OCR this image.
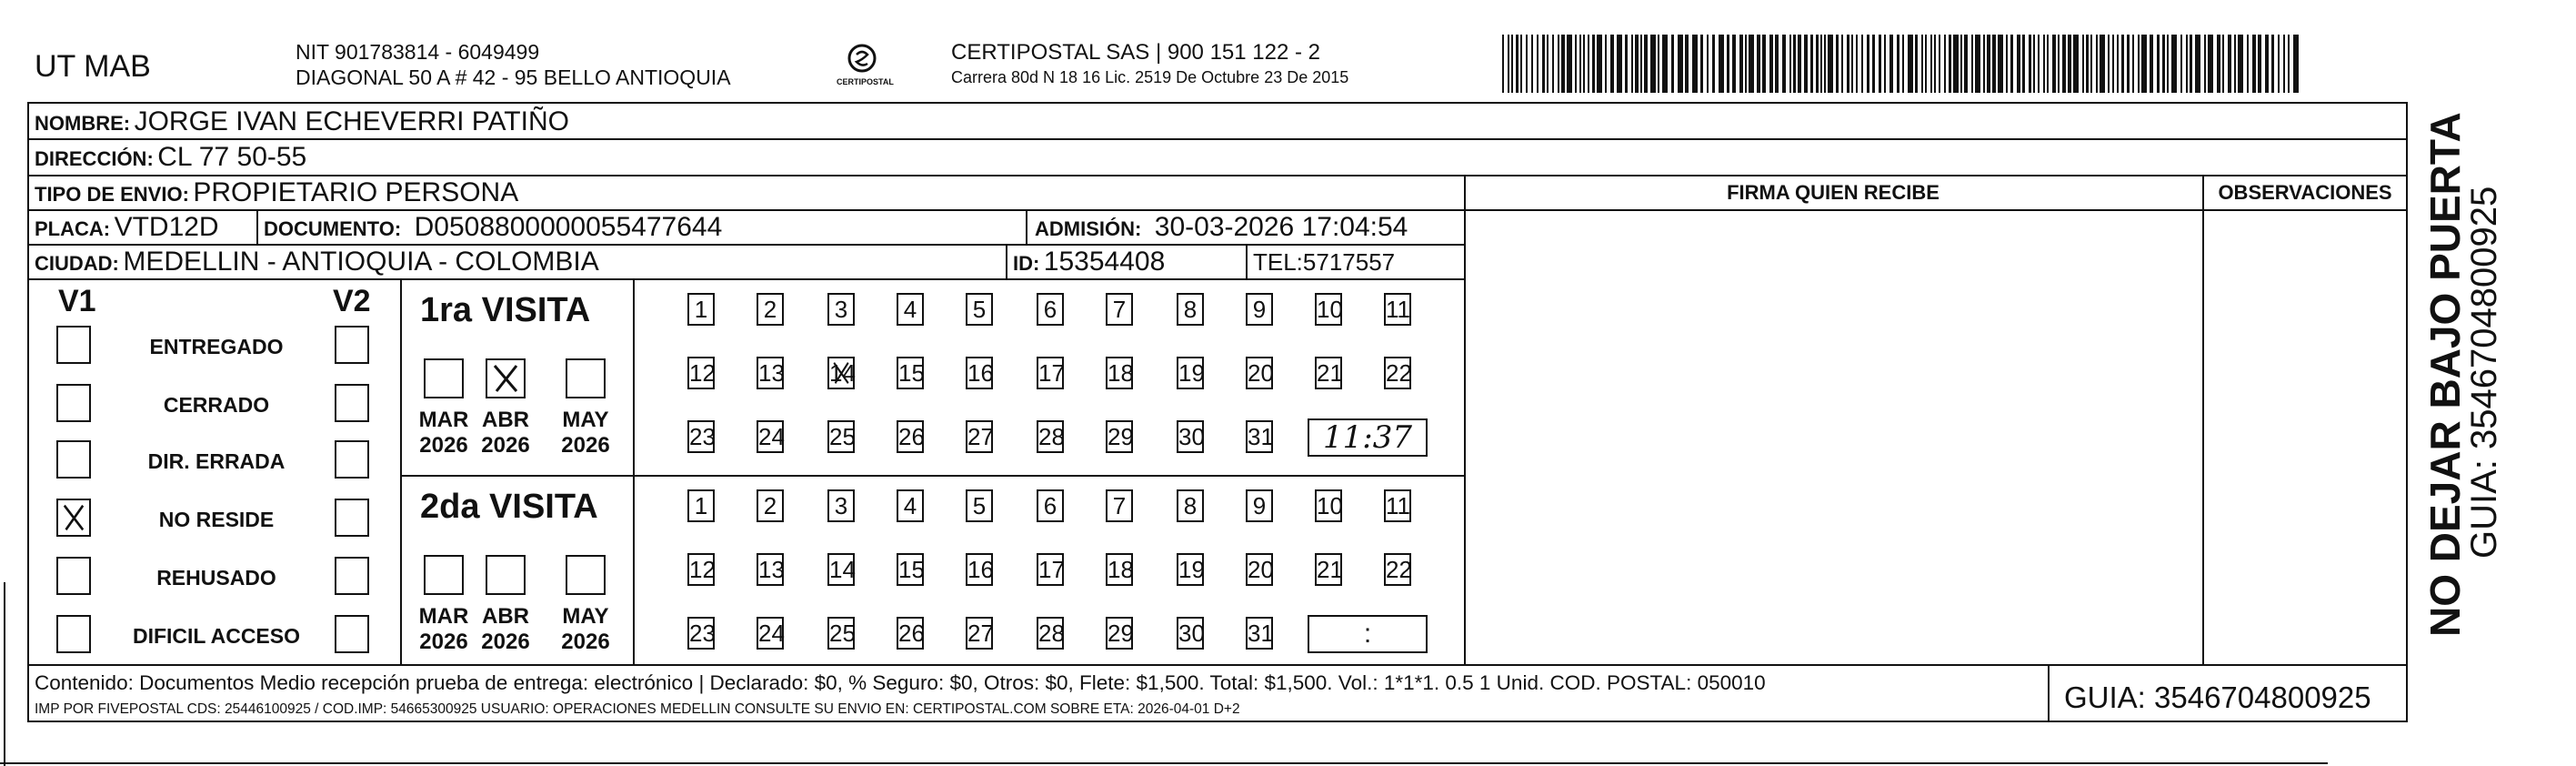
UT MAB	NIT 901783814 - 6049499
DIAGONAL 50 A # 42 - 95 BELLO ANTIOQUIA	CERTIPOSTAL
CERTIPOSTAL SAS | 900 151 122 - 2
Carrera 80d N 18 16 Lic. 2519 De Octubre 23 De 2015
NOMBRE: JORGE IVAN ECHEVERRI PATIÑO
DIRECCIÓN: CL 77 50-55
TIPO DE ENVIO: PROPIETARIO PERSONA
PLACA: VTD12D DOCUMENTO: D0508800000055477644	ADMISIÓN: 30-03-2026 17:04:54
CIUDAD: MEDELLIN - ANTIOQUIA - COLOMBIA	ID: 15354408	TEL:5717557
FIRMA QUIEN RECIBE	OBSERVACIONES
V1	V2
ENTREGADO
CERRADO
DIR. ERRADA
NO RESIDE
REHUSADO
DIFICIL ACCESO
1ra VISITA
MAR
2026
ABR
2026
MAY
2026
1 2 3 4 5 6 7 8 9 10 11
12 13 14 15 16 17 18 19 20 21 22
23 24 25 26 27 28 29 30 31	11:37
2da VISITA
MAR
2026
ABR
2026
MAY
2026
1 2 3 4 5 6 7 8 9 10 11
12 13 14 15 16 17 18 19 20 21 22
23 24 25 26 27 28 29 30 31	:	NO DEJAR BAJO PUERTA
GUIA: 3546704800925
Contenido: Documentos Medio recepción prueba de entrega: electrónico | Declarado: $0, % Seguro: $0, Otros: $0, Flete: $1,500. Total: $1,500. Vol.: 1*1*1. 0.5 1 Unid. COD. POSTAL: 050010
IMP POR FIVEPOSTAL CDS: 25446100925 / COD.IMP: 54665300925 USUARIO: OPERACIONES MEDELLIN CONSULTE SU ENVIO EN: CERTIPOSTAL.COM SOBRE ETA: 2026-04-01 D+2	GUIA: 3546704800925
